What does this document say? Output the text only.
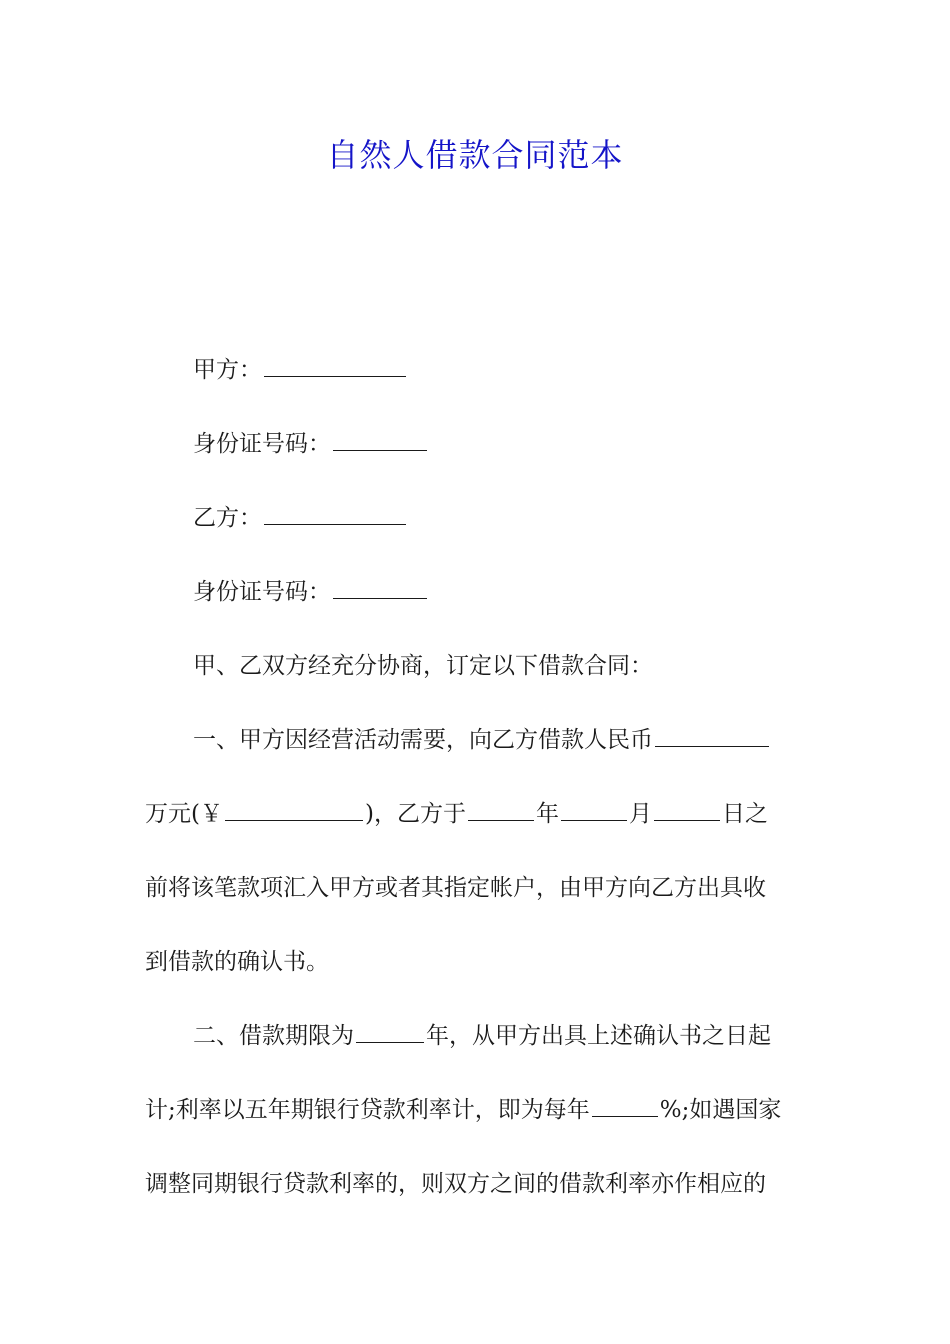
自然人借款合同范本
甲方：
身份证号码：
乙方：
身份证号码：
甲、乙双方经充分协商，订定以下借款合同：
一、甲方因经营活动需要，向乙方借款人民币
万元(￥	)，乙方于	年	月	日之
前将该笔款项汇入甲方或者其指定帐户，由甲方向乙方出具收
到借款的确认书。
二、借款期限为	年，从甲方出具上述确认书之日起
计;利率以五年期银行贷款利率计，即为每年	%;如遇国家
调整同期银行贷款利率的，则双方之间的借款利率亦作相应的
